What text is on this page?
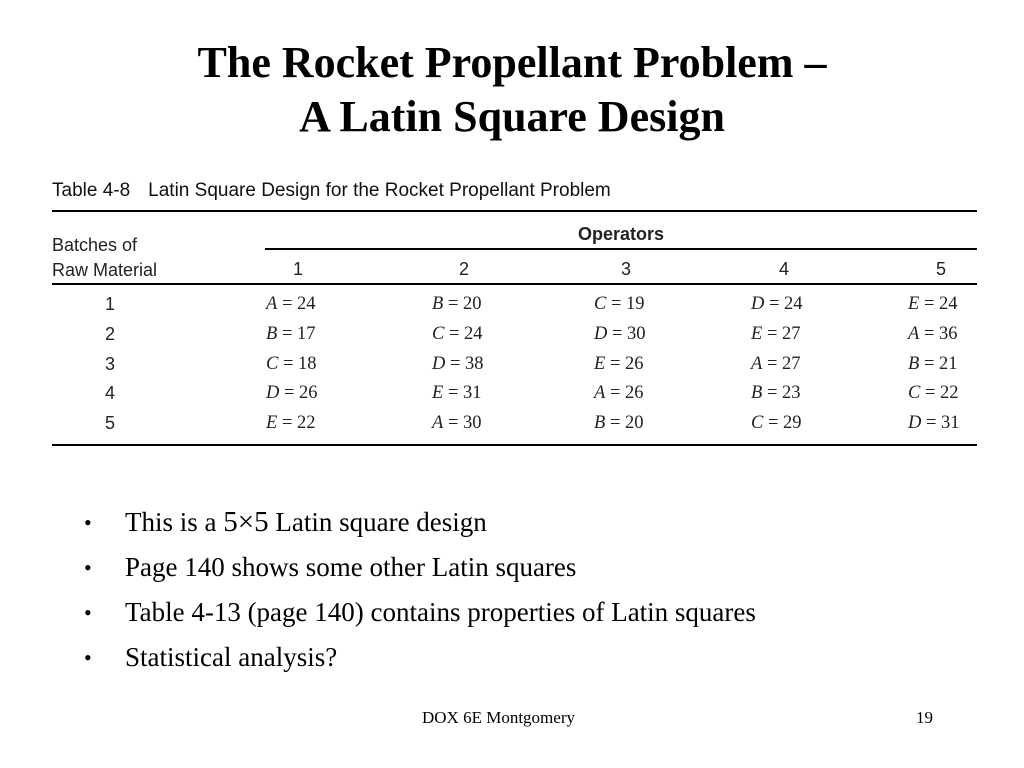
The Rocket Propellant Problem –
A Latin Square Design
Table 4-8 Latin Square Design for the Rocket Propellant Problem
Batches of
Raw Material
Operators
1	2	3	4	5
1	A = 24	B = 20	C = 19	D = 24	E = 24
2	B = 17	C = 24	D = 30	E = 27	A = 36
3	C = 18	D = 38	E = 26	A = 27	B = 21
4	D = 26	E = 31	A = 26	B = 23	C = 22
5	E = 22	A = 30	B = 20	C = 29	D = 31
• This is a 5×5 Latin square design
• Page 140 shows some other Latin squares
• Table 4-13 (page 140) contains properties of Latin squares
• Statistical analysis?
DOX 6E Montgomery	19
